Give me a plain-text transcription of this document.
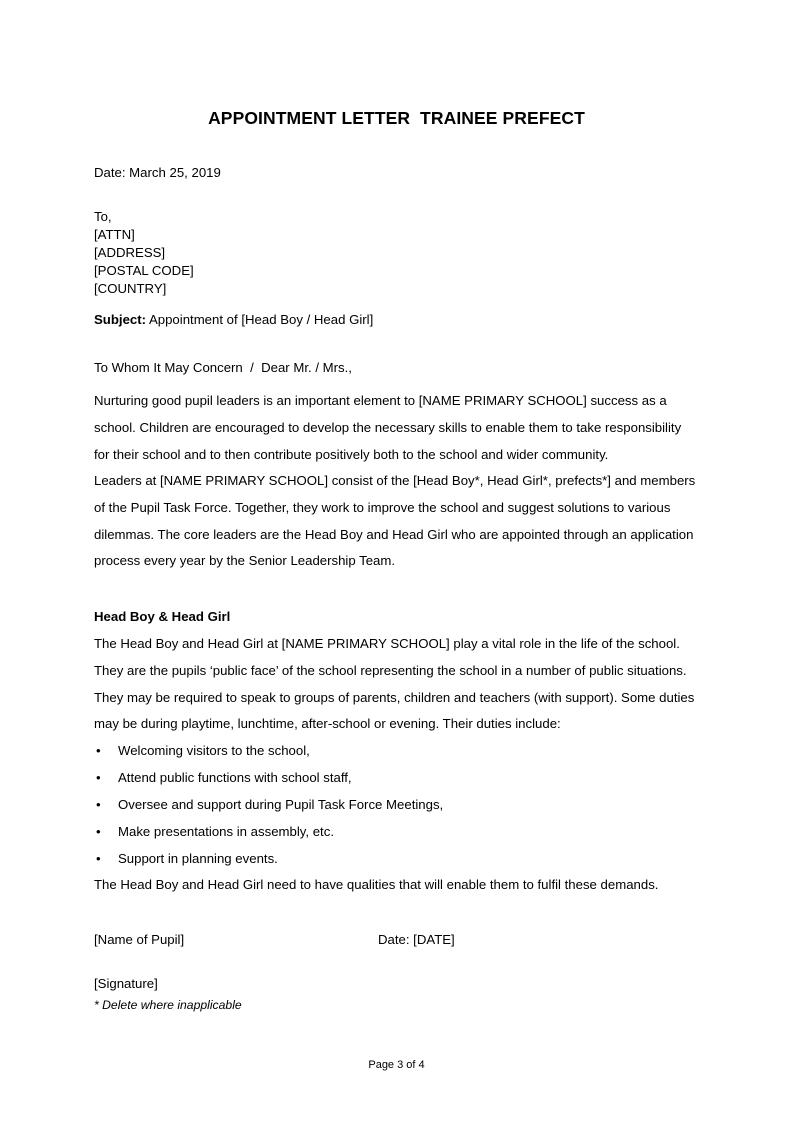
APPOINTMENT LETTER  TRAINEE PREFECT
Date: March 25, 2019
To,
[ATTN]
[ADDRESS]
[POSTAL CODE]
[COUNTRY]
Subject: Appointment of [Head Boy / Head Girl]
To Whom It May Concern  /  Dear Mr. / Mrs.,
Nurturing good pupil leaders is an important element to [NAME PRIMARY SCHOOL] success as a school. Children are encouraged to develop the necessary skills to enable them to take responsibility for their school and to then contribute positively both to the school and wider community.
Leaders at [NAME PRIMARY SCHOOL] consist of the [Head Boy*, Head Girl*, prefects*] and members of the Pupil Task Force. Together, they work to improve the school and suggest solutions to various dilemmas. The core leaders are the Head Boy and Head Girl who are appointed through an application process every year by the Senior Leadership Team.
Head Boy & Head Girl
The Head Boy and Head Girl at [NAME PRIMARY SCHOOL] play a vital role in the life of the school. They are the pupils ‘public face’ of the school representing the school in a number of public situations. They may be required to speak to groups of parents, children and teachers (with support). Some duties may be during playtime, lunchtime, after-school or evening. Their duties include:
• Welcoming visitors to the school,
• Attend public functions with school staff,
• Oversee and support during Pupil Task Force Meetings,
• Make presentations in assembly, etc.
• Support in planning events.
The Head Boy and Head Girl need to have qualities that will enable them to fulfil these demands.
[Name of Pupil]	Date: [DATE]
[Signature]
* Delete where inapplicable
Page 3 of 4
